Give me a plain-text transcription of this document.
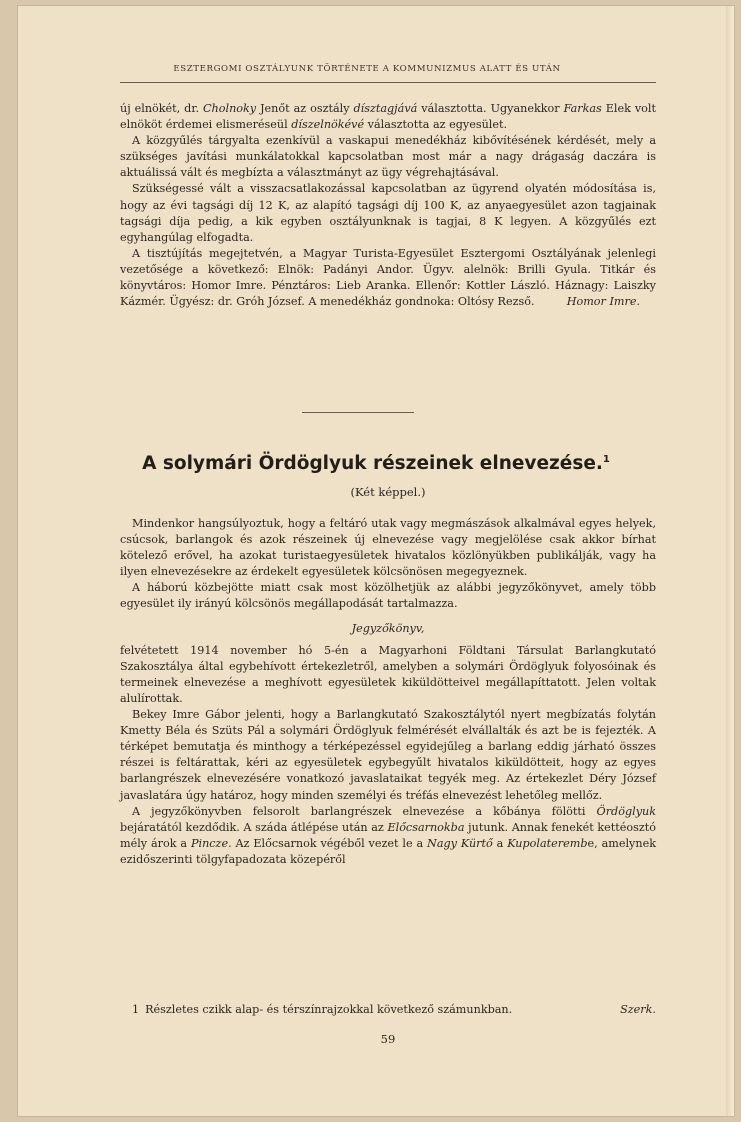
ESZTERGOMI OSZTÁLYUNK TÖRTÉNETE A KOMMUNIZMUS ALATT ÉS UTÁN

új elnökét, dr. Cholnoky Jenőt az osztály dísztagjává választotta. Ugyanekkor Farkas Elek volt elnököt érdemei elismeréseül díszelnökévé választotta az egyesület.

A közgyűlés tárgyalta ezenkívül a vaskapui menedékház kibővítésének kérdését, mely a szükséges javítási munkálatokkal kapcsolatban most már a nagy drágaság daczára is aktuálissá vált és megbízta a választmányt az ügy végrehajtásával.

Szükségessé vált a visszacsatlakozással kapcsolatban az ügyrend olyatén módosítása is, hogy az évi tagsági díj 12 K, az alapító tagsági díj 100 K, az anyaegyesület azon tagjainak tagsági díja pedig, a kik egyben osztályunknak is tagjai, 8 K legyen. A közgyűlés ezt egyhangúlag elfogadta.

A tisztújítás megejtetvén, a Magyar Turista-Egyesület Esztergomi Osztályának jelenlegi vezetősége a következő: Elnök: Padányi Andor. Ügyv. alelnök: Brilli Gyula. Titkár és könyvtáros: Homor Imre. Pénztáros: Lieb Aranka. Ellenőr: Kottler László. Háznagy: Laiszky Kázmér. Ügyész: dr. Gróh József. A menedékház gondnoka: Oltósy Rezső.	Homor Imre.

A solymári Ördöglyuk részeinek elnevezése.$^1$
(Két képpel.)

Mindenkor hangsúlyoztuk, hogy a feltáró utak vagy megmászások alkalmával egyes helyek, csúcsok, barlangok és azok részeinek új elnevezése vagy megjelölése csak akkor bírhat kötelező erővel, ha azokat turistaegyesületek hivatalos közlönyükben publikálják, vagy ha ilyen elnevezésekre az érdekelt egyesületek kölcsönösen megegyeznek.

A háború közbejötte miatt csak most közölhetjük az alábbi jegyzőkönyvet, amely több egyesület ily irányú kölcsönös megállapodását tartalmazza.

Jegyzőkönyv,

felvétetett 1914 november hó 5-én a Magyarhoni Földtani Társulat Barlangkutató Szakosztálya által egybehívott értekezletről, amelyben a solymári Ördöglyuk folyosóinak és termeinek elnevezése a meghívott egyesületek kiküldötteivel megállapíttatott. Jelen voltak alulírottak.

Bekey Imre Gábor jelenti, hogy a Barlangkutató Szakosztálytól nyert megbízatás folytán Kmetty Béla és Szüts Pál a solymári Ördöglyuk felmérését elvállalták és azt be is fejezték. A térképet bemutatja és minthogy a térképezéssel egyidejűleg a barlang eddig járható összes részei is feltárattak, kéri az egyesületek egybegyűlt hivatalos kiküldötteit, hogy az egyes barlangrészek elnevezésére vonatkozó javaslataikat tegyék meg. Az értekezlet Déry József javaslatára úgy határoz, hogy minden személyi és tréfás elnevezést lehetőleg mellőz.

A jegyzőkönyvben felsorolt barlangrészek elnevezése a kőbánya fölötti Ördöglyuk bejáratától kezdődik. A száda átlépése után az Előcsarnokba jutunk. Annak fenekét kettéosztó mély árok a Pincze. Az Előcsarnok végéből vezet le a Nagy Kürtő a Kupolaterembe, amelynek ezidőszerinti tölgyfapadozata közepéről

1 Részletes czikk alap- és térszínrajzokkal következő számunkban.	Szerk.
59
